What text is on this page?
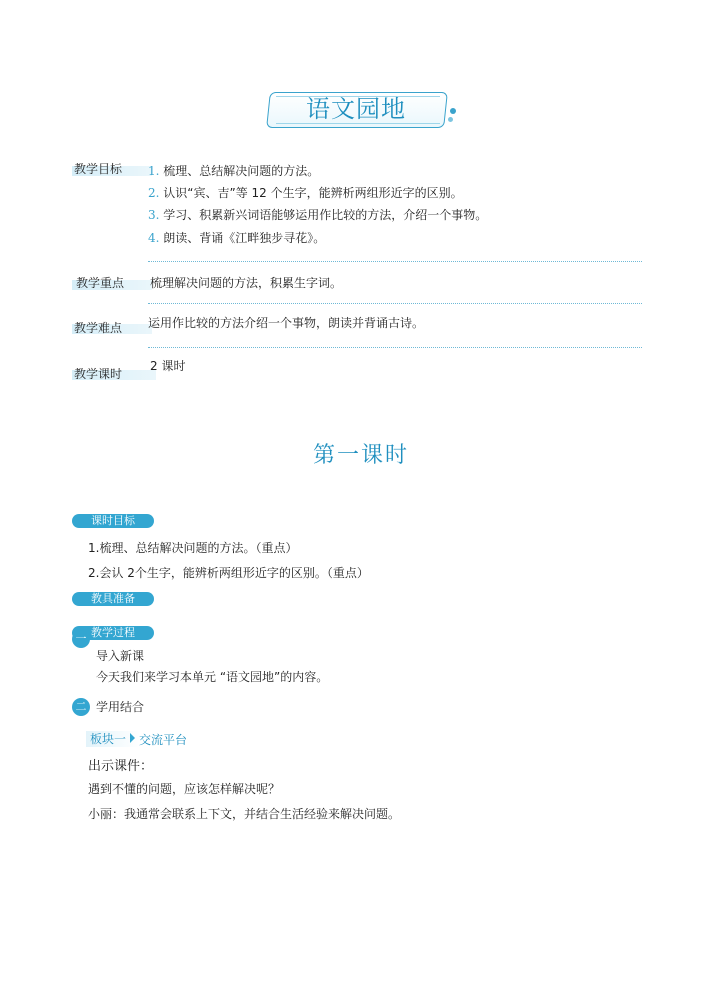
语文园地
教学目标 1. 梳理、总结解决问题的方法。
2. 认识“宾、吉”等 12 个生字，能辨析两组形近字的区别。
3. 学习、积累新兴词语能够运用作比较的方法，介绍一个事物。
4. 朗读、背诵《江畔独步寻花》。
教学重点 梳理解决问题的方法，积累生字词。
教学难点 运用作比较的方法介绍一个事物，朗读并背诵古诗。
教学课时
2 课时
第一课时
课时目标
1.梳理、总结解决问题的方法。（重点）
2.会认 2个生字，能辨析两组形近字的区别。（重点）
教具准备
教学过程
一
导入新课
今天我们来学习本单元 “语文园地”的内容。
二 学用结合
板块一	交流平台
出示课件：
遇到不懂的问题，应该怎样解决呢？
小丽：我通常会联系上下文，并结合生活经验来解决问题。
